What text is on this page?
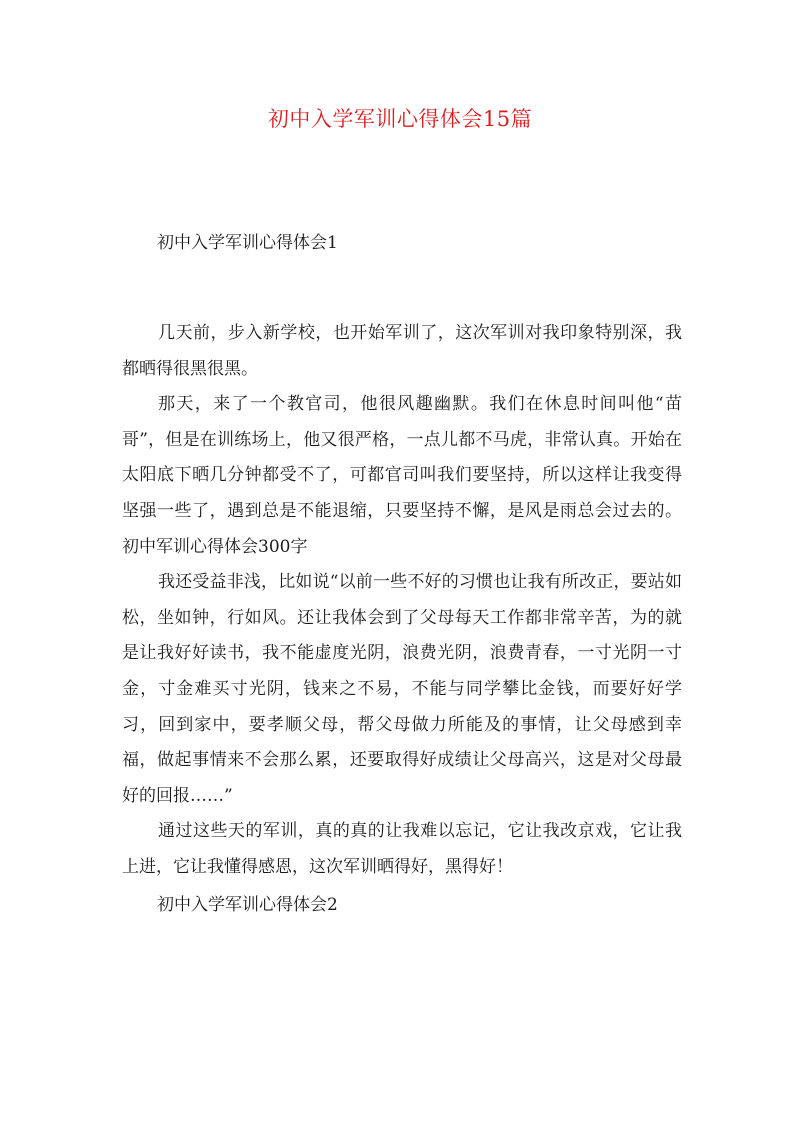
初中入学军训心得体会15篇

初中入学军训心得体会1

几天前，步入新学校，也开始军训了，这次军训对我印象特别深，我都晒得很黑很黑。

那天，来了一个教官司，他很风趣幽默。我们在休息时间叫他“苗哥”，但是在训练场上，他又很严格，一点儿都不马虎，非常认真。开始在太阳底下晒几分钟都受不了，可都官司叫我们要坚持，所以这样让我变得坚强一些了，遇到总是不能退缩，只要坚持不懈，是风是雨总会过去的。初中军训心得体会300字

我还受益非浅，比如说“以前一些不好的习惯也让我有所改正，要站如松，坐如钟，行如风。还让我体会到了父母每天工作都非常辛苦，为的就是让我好好读书，我不能虚度光阴，浪费光阴，浪费青春，一寸光阴一寸金，寸金难买寸光阴，钱来之不易，不能与同学攀比金钱，而要好好学习，回到家中，要孝顺父母，帮父母做力所能及的事情，让父母感到幸福，做起事情来不会那么累，还要取得好成绩让父母高兴，这是对父母最好的回报……”

通过这些天的军训，真的真的让我难以忘记，它让我改京戏，它让我上进，它让我懂得感恩，这次军训晒得好，黑得好！

初中入学军训心得体会2
